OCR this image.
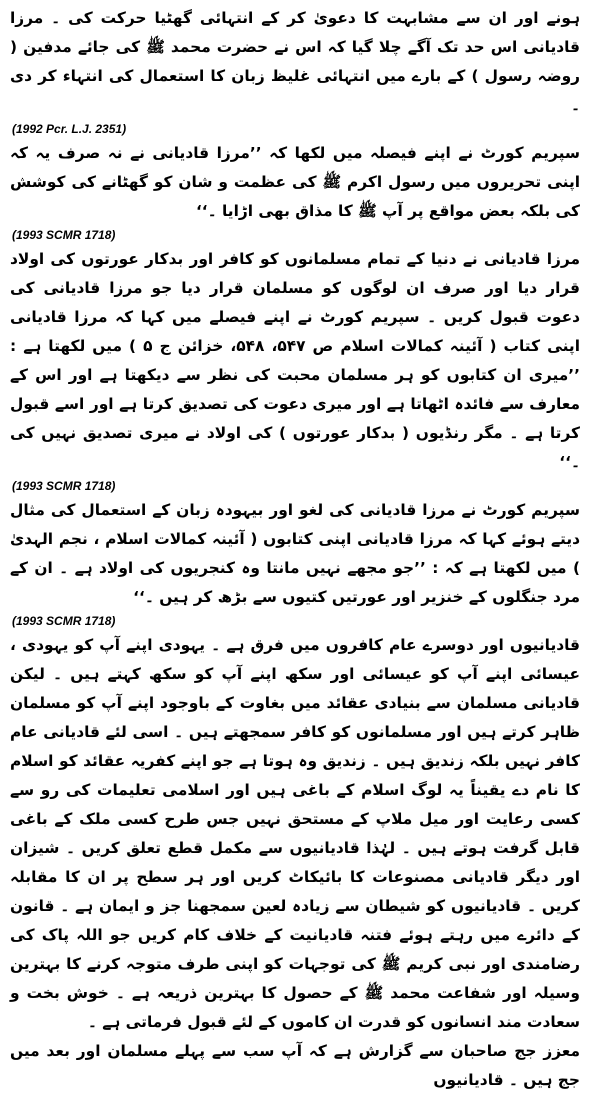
ہونے اور ان سے مشابہت کا دعویٰ کر کے انتہائی گھٹیا حرکت کی ۔ مرزا قادیانی اس حد تک آگے چلا گیا کہ اس نے حضرت محمد ﷺ کی جائے مدفین ( روضہ رسول ) کے بارے میں انتہائی غلیظ زبان کا استعمال کی انتہاء کر دی ۔

(1992 Pcr. L.J. 2351)

سپریم کورٹ نے اپنے فیصلہ میں لکھا کہ ’’مرزا قادیانی نے نہ صرف یہ کہ اپنی تحریروں میں رسول اکرم ﷺ کی عظمت و شان کو گھٹانے کی کوشش کی بلکہ بعض مواقع پر آپ ﷺ کا مذاق بھی اڑایا ۔‘‘

(1993 SCMR 1718)

مرزا قادیانی نے دنیا کے تمام مسلمانوں کو کافر اور بدکار عورتوں کی اولاد قرار دیا اور صرف ان لوگوں کو مسلمان قرار دیا جو مرزا قادیانی کی دعوت قبول کریں ۔ سپریم کورٹ نے اپنے فیصلے میں کہا کہ مرزا قادیانی اپنی کتاب ( آئینہ کمالات اسلام ص ۵۴۷، ۵۴۸، خزائن ج ۵ ) میں لکھتا ہے : ’’میری ان کتابوں کو ہر مسلمان محبت کی نظر سے دیکھتا ہے اور اس کے معارف سے فائدہ اٹھاتا ہے اور میری دعوت کی تصدیق کرتا ہے اور اسے قبول کرتا ہے ۔ مگر رنڈیوں ( بدکار عورتوں ) کی اولاد نے میری تصدیق نہیں کی ۔‘‘

(1993 SCMR 1718)

سپریم کورٹ نے مرزا قادیانی کی لغو اور بیہودہ زبان کے استعمال کی مثال دیتے ہوئے کہا کہ مرزا قادیانی اپنی کتابوں ( آئینہ کمالات اسلام ، نجم الہدیٰ ) میں لکھتا ہے کہ : ’’جو مجھے نہیں مانتا وہ کنجریوں کی اولاد ہے ۔ ان کے مرد جنگلوں کے خنزیر اور عورتیں کتیوں سے بڑھ کر ہیں ۔‘‘

(1993 SCMR 1718)

قادیانیوں اور دوسرے عام کافروں میں فرق ہے ۔ یہودی اپنے آپ کو یہودی ، عیسائی اپنے آپ کو عیسائی اور سکھ اپنے آپ کو سکھ کہتے ہیں ۔ لیکن قادیانی مسلمان سے بنیادی عقائد میں بغاوت کے باوجود اپنے آپ کو مسلمان ظاہر کرتے ہیں اور مسلمانوں کو کافر سمجھتے ہیں ۔ اسی لئے قادیانی عام کافر نہیں بلکہ زندیق ہیں ۔ زندیق وہ ہوتا ہے جو اپنے کفریہ عقائد کو اسلام کا نام دے یقیناً یہ لوگ اسلام کے باغی ہیں اور اسلامی تعلیمات کی رو سے کسی رعایت اور میل ملاپ کے مستحق نہیں جس طرح کسی ملک کے باغی قابل گرفت ہوتے ہیں ۔ لہٰذا قادیانیوں سے مکمل قطع تعلق کریں ۔ شیزان اور دیگر قادیانی مصنوعات کا بائیکاٹ کریں اور ہر سطح پر ان کا مقابلہ کریں ۔ قادیانیوں کو شیطان سے زیادہ لعین سمجھنا جز و ایمان ہے ۔ قانون کے دائرے میں رہتے ہوئے فتنہ قادیانیت کے خلاف کام کریں جو اللہ پاک کی رضامندی اور نبی کریم ﷺ کی توجہات کو اپنی طرف متوجہ کرنے کا بہترین وسیلہ اور شفاعت محمد ﷺ کے حصول کا بہترین ذریعہ ہے ۔ خوش بخت و سعادت مند انسانوں کو قدرت ان کاموں کے لئے قبول فرماتی ہے ۔

معزز جج صاحبان سے گزارش ہے کہ آپ سب سے پہلے مسلمان اور بعد میں جج ہیں ۔ قادیانیوں
